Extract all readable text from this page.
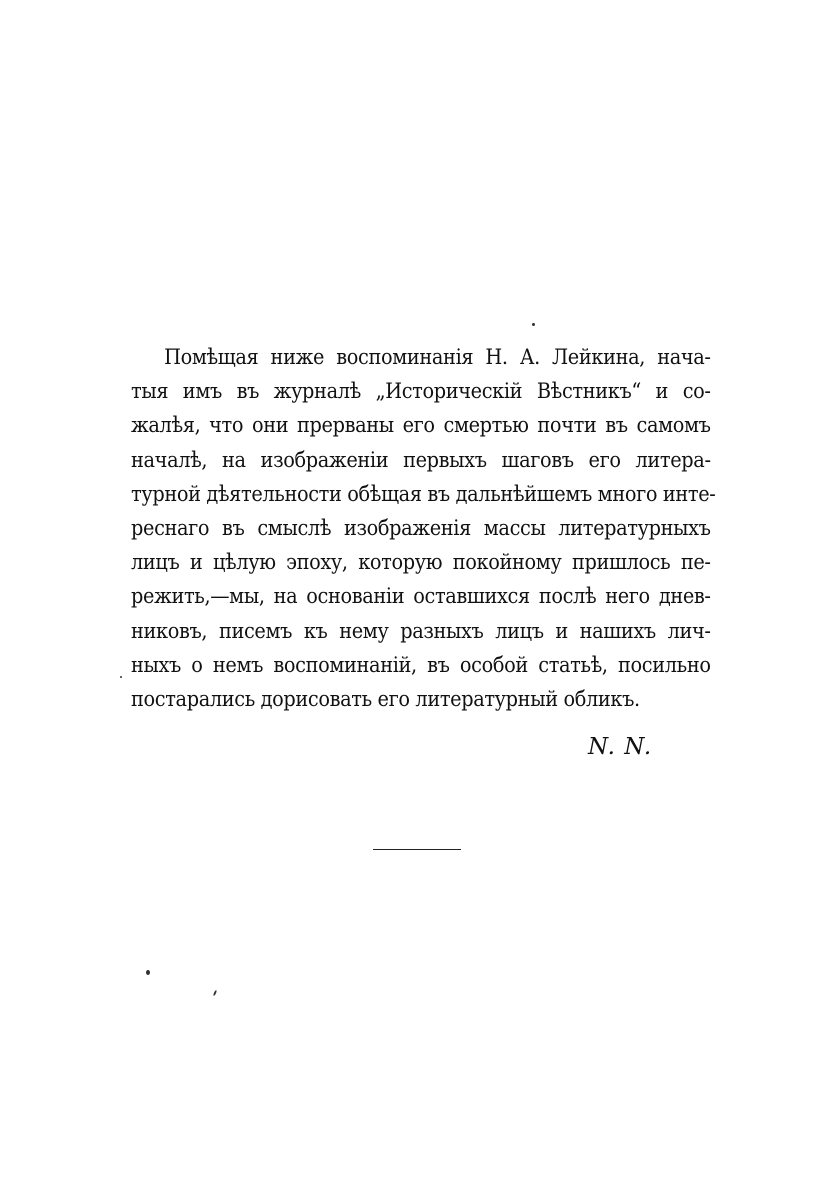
Помѣщая ниже воспоминанія Н. А. Лейкина, нача-
тыя имъ въ журналѣ „Историческій Вѣстникъ“ и со-
жалѣя, что они прерваны его смертью почти въ самомъ
началѣ, на изображеніи первыхъ шаговъ его литера-
турной дѣятельности обѣщая въ дальнѣйшемъ много инте-
реснаго въ смыслѣ изображенія массы литературныхъ
лицъ и цѣлую эпоху, которую покойному пришлось пе-
режить,—мы, на основаніи оставшихся послѣ него днев-
никовъ, писемъ къ нему разныхъ лицъ и нашихъ лич-
ныхъ о немъ воспоминаній, въ особой статьѣ, посильно
постарались дорисовать его литературный обликъ.
N. N.
